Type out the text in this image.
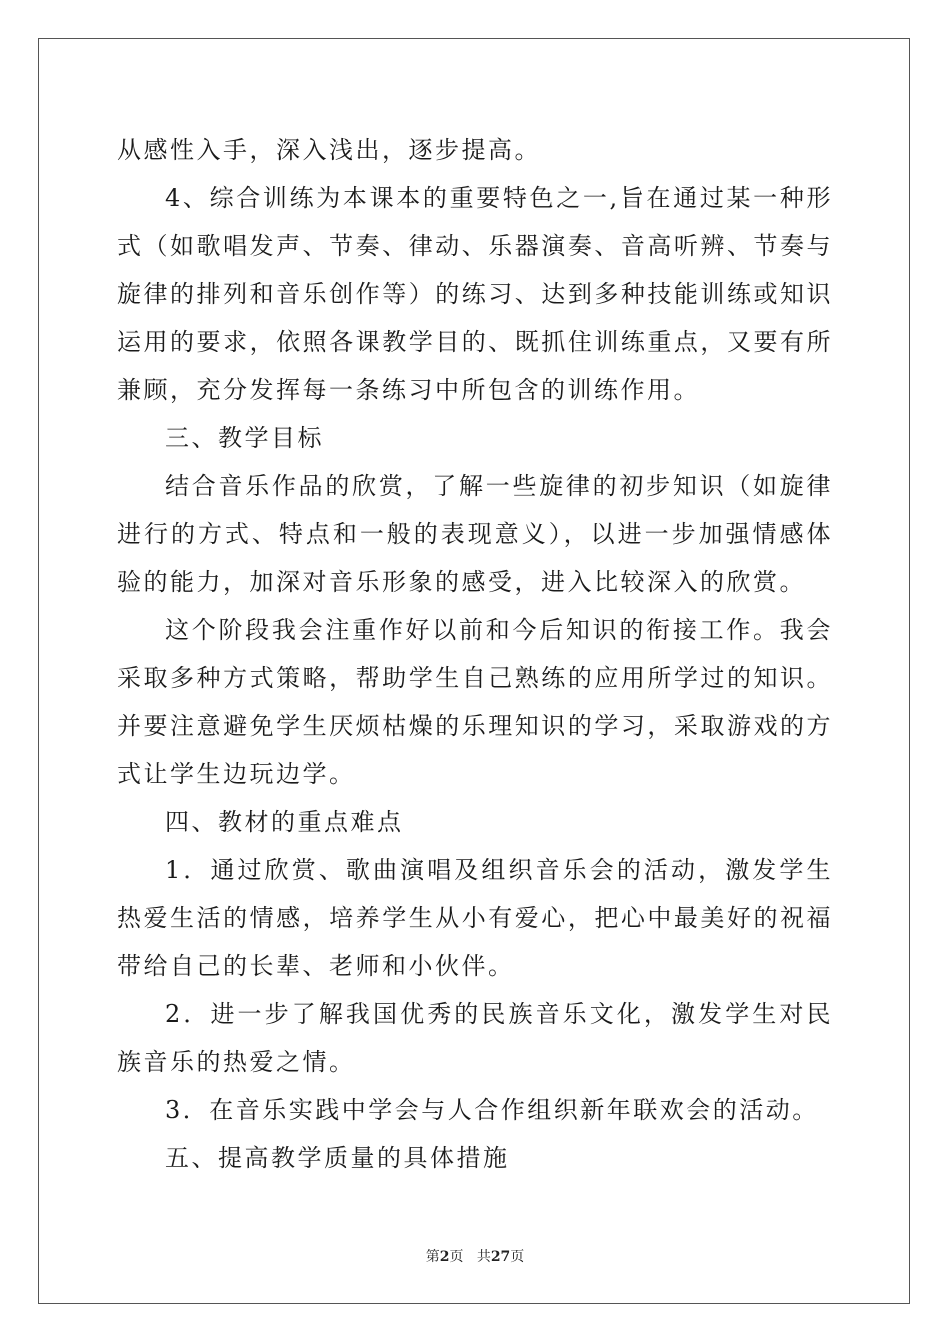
从感性入手，深入浅出，逐步提高。

4、综合训练为本课本的重要特色之一,旨在通过某一种形式（如歌唱发声、节奏、律动、乐器演奏、音高听辨、节奏与旋律的排列和音乐创作等）的练习、达到多种技能训练或知识运用的要求，依照各课教学目的、既抓住训练重点，又要有所兼顾，充分发挥每一条练习中所包含的训练作用。

三、教学目标

结合音乐作品的欣赏，了解一些旋律的初步知识（如旋律进行的方式、特点和一般的表现意义），以进一步加强情感体验的能力，加深对音乐形象的感受，进入比较深入的欣赏。

这个阶段我会注重作好以前和今后知识的衔接工作。我会采取多种方式策略，帮助学生自己熟练的应用所学过的知识。并要注意避免学生厌烦枯燥的乐理知识的学习，采取游戏的方式让学生边玩边学。

四、教材的重点难点

1．通过欣赏、歌曲演唱及组织音乐会的活动，激发学生热爱生活的情感，培养学生从小有爱心，把心中最美好的祝福带给自己的长辈、老师和小伙伴。

2．进一步了解我国优秀的民族音乐文化，激发学生对民族音乐的热爱之情。

3．在音乐实践中学会与人合作组织新年联欢会的活动。

五、提高教学质量的具体措施

第2页 共27页
